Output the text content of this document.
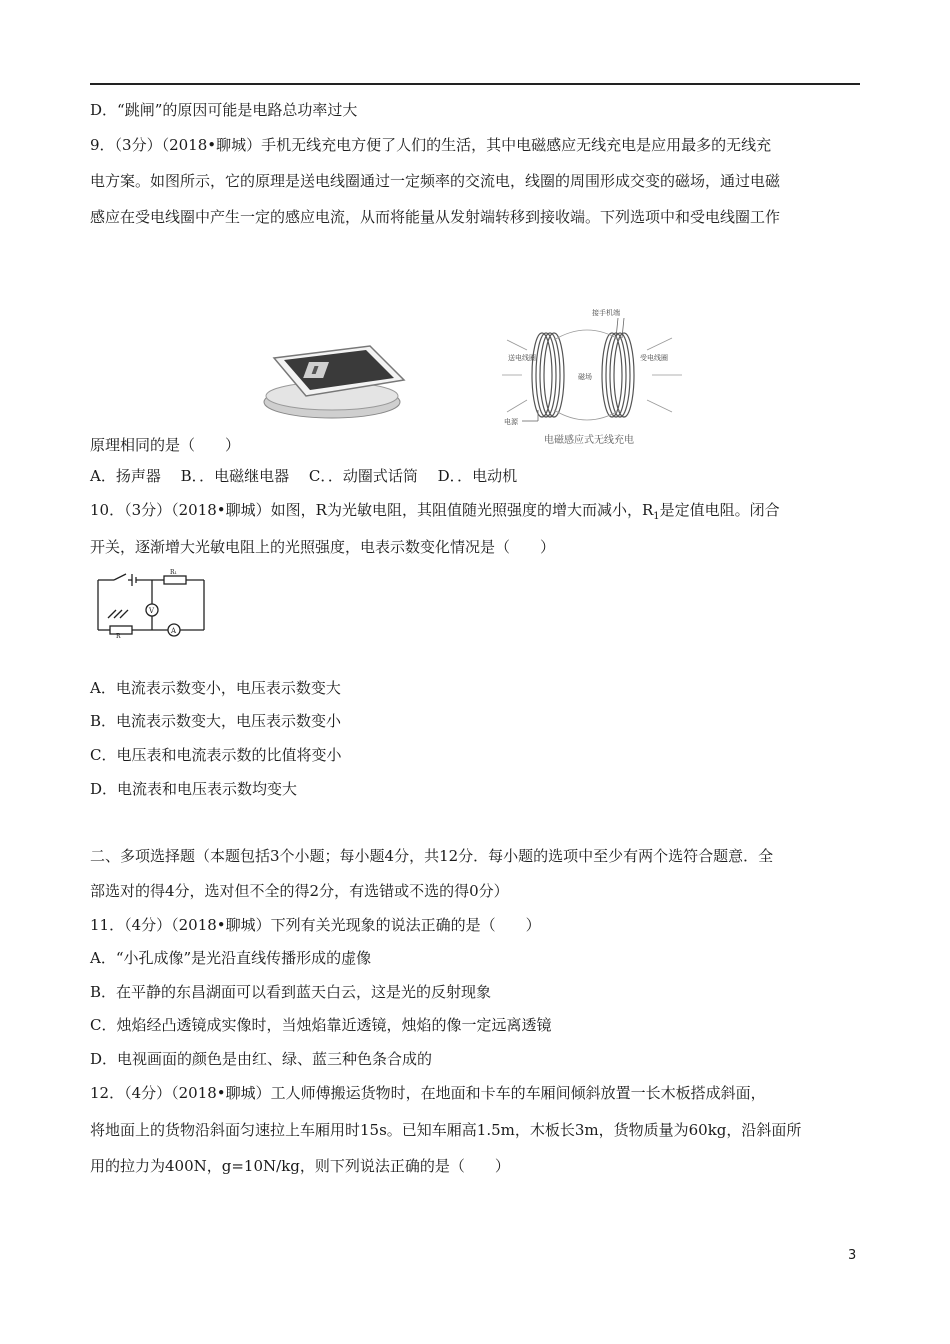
D．“跳闸”的原因可能是电路总功率过大
9．（3分）（2018•聊城）手机无线充电方便了人们的生活，其中电磁感应无线充电是应用最多的无线充
电方案。如图所示，它的原理是送电线圈通过一定频率的交流电，线圈的周围形成交变的磁场，通过电磁
感应在受电线圈中产生一定的感应电流，从而将能量从发射端转移到接收端。下列选项中和受电线圈工作
接手机端
送电线圈	受电线圈
磁场
电源
电磁感应式无线充电
原理相同的是（　　）
A．扬声器　 B．．电磁继电器　 C．．动圈式话筒　 D．．电动机
10．（3分）（2018•聊城）如图，R为光敏电阻，其阻值随光照强度的增大而减小，$R_1$是定值电阻。闭合
开关，逐渐增大光敏电阻上的光照强度，电表示数变化情况是（　　）
R₁
R
V
A
A．电流表示数变小，电压表示数变大
B．电流表示数变大，电压表示数变小
C．电压表和电流表示数的比值将变小
D．电流表和电压表示数均变大
二、多项选择题（本题包括3个小题；每小题4分，共12分．每小题的选项中至少有两个选符合题意．全
部选对的得4分，选对但不全的得2分，有选错或不选的得0分）
11．（4分）（2018•聊城）下列有关光现象的说法正确的是（　　）
A．“小孔成像”是光沿直线传播形成的虚像
B．在平静的东昌湖面可以看到蓝天白云，这是光的反射现象
C．烛焰经凸透镜成实像时，当烛焰靠近透镜，烛焰的像一定远离透镜
D．电视画面的颜色是由红、绿、蓝三种色条合成的
12．（4分）（2018•聊城）工人师傅搬运货物时，在地面和卡车的车厢间倾斜放置一长木板搭成斜面，
将地面上的货物沿斜面匀速拉上车厢用时15s。已知车厢高1.5m，木板长3m，货物质量为60kg，沿斜面所
用的拉力为400N，g=10N/kg，则下列说法正确的是（　　）
3
